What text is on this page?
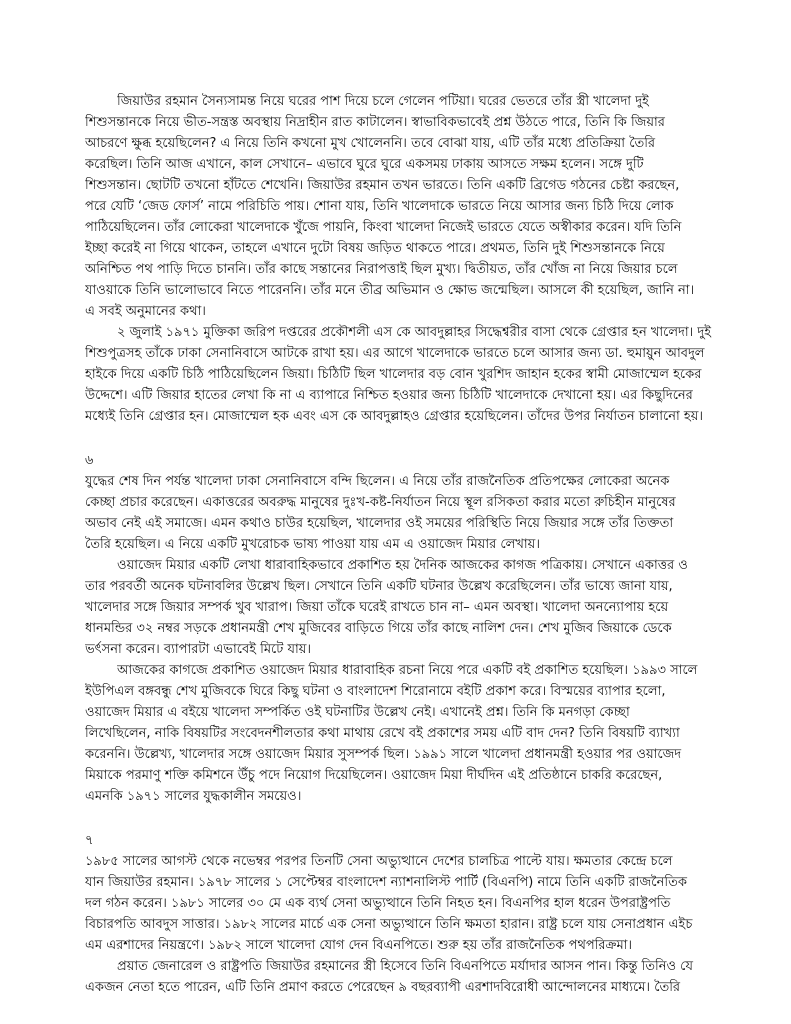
জিয়াউর রহমান সৈন্যসামন্ত নিয়ে ঘরের পাশ দিয়ে চলে গেলেন পটিয়া। ঘরের ভেতরে তাঁর স্ত্রী খালেদা দুই
শিশুসন্তানকে নিয়ে ভীত-সন্ত্রস্ত অবস্থায় নিদ্রাহীন রাত কাটালেন। স্বাভাবিকভাবেই প্রশ্ন উঠতে পারে, তিনি কি জিয়ার
আচরণে ক্ষুব্ধ হয়েছিলেন? এ নিয়ে তিনি কখনো মুখ খোলেননি। তবে বোঝা যায়, এটি তাঁর মধ্যে প্রতিক্রিয়া তৈরি
করেছিল। তিনি আজ এখানে, কাল সেখানে– এভাবে ঘুরে ঘুরে একসময় ঢাকায় আসতে সক্ষম হলেন। সঙ্গে দুটি
শিশুসন্তান। ছোটটি তখনো হাঁটতে শেখেনি। জিয়াউর রহমান তখন ভারতে। তিনি একটি ব্রিগেড গঠনের চেষ্টা করছেন,
পরে যেটি ‘জেড ফোর্স’ নামে পরিচিতি পায়। শোনা যায়, তিনি খালেদাকে ভারতে নিয়ে আসার জন্য চিঠি দিয়ে লোক
পাঠিয়েছিলেন। তাঁর লোকেরা খালেদাকে খুঁজে পায়নি, কিংবা খালেদা নিজেই ভারতে যেতে অস্বীকার করেন। যদি তিনি
ইচ্ছা করেই না গিয়ে থাকেন, তাহলে এখানে দুটো বিষয় জড়িত থাকতে পারে। প্রথমত, তিনি দুই শিশুসন্তানকে নিয়ে
অনিশ্চিত পথ পাড়ি দিতে চাননি। তাঁর কাছে সন্তানের নিরাপত্তাই ছিল মুখ্য। দ্বিতীয়ত, তাঁর খোঁজ না নিয়ে জিয়ার চলে
যাওয়াকে তিনি ভালোভাবে নিতে পারেননি। তাঁর মনে তীব্র অভিমান ও ক্ষোভ জন্মেছিল। আসলে কী হয়েছিল, জানি না।
এ সবই অনুমানের কথা।
২ জুলাই ১৯৭১ মুক্তিকা জরিপ দপ্তরের প্রকৌশলী এস কে আবদুল্লাহর সিদ্ধেশ্বরীর বাসা থেকে গ্রেপ্তার হন খালেদা। দুই
শিশুপুত্রসহ তাঁকে ঢাকা সেনানিবাসে আটকে রাখা হয়। এর আগে খালেদাকে ভারতে চলে আসার জন্য ডা. হুমায়ুন আবদুল
হাইকে দিয়ে একটি চিঠি পাঠিয়েছিলেন জিয়া। চিঠিটি ছিল খালেদার বড় বোন খুরশিদ জাহান হকের স্বামী মোজাম্মেল হকের
উদ্দেশে। এটি জিয়ার হাতের লেখা কি না এ ব্যাপারে নিশ্চিত হওয়ার জন্য চিঠিটি খালেদাকে দেখানো হয়। এর কিছুদিনের
মধ্যেই তিনি গ্রেপ্তার হন। মোজাম্মেল হক এবং এস কে আবদুল্লাহও গ্রেপ্তার হয়েছিলেন। তাঁদের উপর নির্যাতন চালানো হয়।
৬
যুদ্ধের শেষ দিন পর্যন্ত খালেদা ঢাকা সেনানিবাসে বন্দি ছিলেন। এ নিয়ে তাঁর রাজনৈতিক প্রতিপক্ষের লোকেরা অনেক
কেচ্ছা প্রচার করেছেন। একাত্তরের অবরুদ্ধ মানুষের দুঃখ-কষ্ট-নির্যাতন নিয়ে স্থূল রসিকতা করার মতো রুচিহীন মানুষের
অভাব নেই এই সমাজে। এমন কথাও চাউর হয়েছিল, খালেদার ওই সময়ের পরিস্থিতি নিয়ে জিয়ার সঙ্গে তাঁর তিক্ততা
তৈরি হয়েছিল। এ নিয়ে একটি মুখরোচক ভাষ্য পাওয়া যায় এম এ ওয়াজেদ মিয়ার লেখায়।
ওয়াজেদ মিয়ার একটি লেখা ধারাবাহিকভাবে প্রকাশিত হয় দৈনিক আজকের কাগজ পত্রিকায়। সেখানে একাত্তর ও
তার পরবর্তী অনেক ঘটনাবলির উল্লেখ ছিল। সেখানে তিনি একটি ঘটনার উল্লেখ করেছিলেন। তাঁর ভাষ্যে জানা যায়,
খালেদার সঙ্গে জিয়ার সম্পর্ক খুব খারাপ। জিয়া তাঁকে ঘরেই রাখতে চান না– এমন অবস্থা। খালেদা অনন্যোপায় হয়ে
ধানমন্ডির ৩২ নম্বর সড়কে প্রধানমন্ত্রী শেখ মুজিবের বাড়িতে গিয়ে তাঁর কাছে নালিশ দেন। শেখ মুজিব জিয়াকে ডেকে
ভর্ৎসনা করেন। ব্যাপারটা এভাবেই মিটে যায়।
আজকের কাগজে প্রকাশিত ওয়াজেদ মিয়ার ধারাবাহিক রচনা নিয়ে পরে একটি বই প্রকাশিত হয়েছিল। ১৯৯৩ সালে
ইউপিএল বঙ্গবন্ধু শেখ মুজিবকে ঘিরে কিছু ঘটনা ও বাংলাদেশ শিরোনামে বইটি প্রকাশ করে। বিস্ময়ের ব্যাপার হলো,
ওয়াজেদ মিয়ার এ বইয়ে খালেদা সম্পর্কিত ওই ঘটনাটির উল্লেখ নেই। এখানেই প্রশ্ন। তিনি কি মনগড়া কেচ্ছা
লিখেছিলেন, নাকি বিষয়টির সংবেদনশীলতার কথা মাথায় রেখে বই প্রকাশের সময় এটি বাদ দেন? তিনি বিষয়টি ব্যাখ্যা
করেননি। উল্লেখ্য, খালেদার সঙ্গে ওয়াজেদ মিয়ার সুসম্পর্ক ছিল। ১৯৯১ সালে খালেদা প্রধানমন্ত্রী হওয়ার পর ওয়াজেদ
মিয়াকে পরমাণু শক্তি কমিশনে উঁচু পদে নিয়োগ দিয়েছিলেন। ওয়াজেদ মিয়া দীর্ঘদিন এই প্রতিষ্ঠানে চাকরি করেছেন,
এমনকি ১৯৭১ সালের যুদ্ধকালীন সময়েও।
৭
১৯৮৫ সালের আগস্ট থেকে নভেম্বর পরপর তিনটি সেনা অভ্যুত্থানে দেশের চালচিত্র পাল্টে যায়। ক্ষমতার কেন্দ্রে চলে
যান জিয়াউর রহমান। ১৯৭৮ সালের ১ সেপ্টেম্বর বাংলাদেশ ন্যাশনালিস্ট পার্টি (বিএনপি) নামে তিনি একটি রাজনৈতিক
দল গঠন করেন। ১৯৮১ সালের ৩০ মে এক ব্যর্থ সেনা অভ্যুত্থানে তিনি নিহত হন। বিএনপির হাল ধরেন উপরাষ্ট্রপতি
বিচারপতি আবদুস সাত্তার। ১৯৮২ সালের মার্চে এক সেনা অভ্যুত্থানে তিনি ক্ষমতা হারান। রাষ্ট্র চলে যায় সেনাপ্রধান এইচ
এম এরশাদের নিয়ন্ত্রণে। ১৯৮২ সালে খালেদা যোগ দেন বিএনপিতে। শুরু হয় তাঁর রাজনৈতিক পথপরিক্রমা।
প্রয়াত জেনারেল ও রাষ্ট্রপতি জিয়াউর রহমানের স্ত্রী হিসেবে তিনি বিএনপিতে মর্যাদার আসন পান। কিন্তু তিনিও যে
একজন নেতা হতে পারেন, এটি তিনি প্রমাণ করতে পেরেছেন ৯ বছরব্যাপী এরশাদবিরোধী আন্দোলনের মাধ্যমে। তৈরি
